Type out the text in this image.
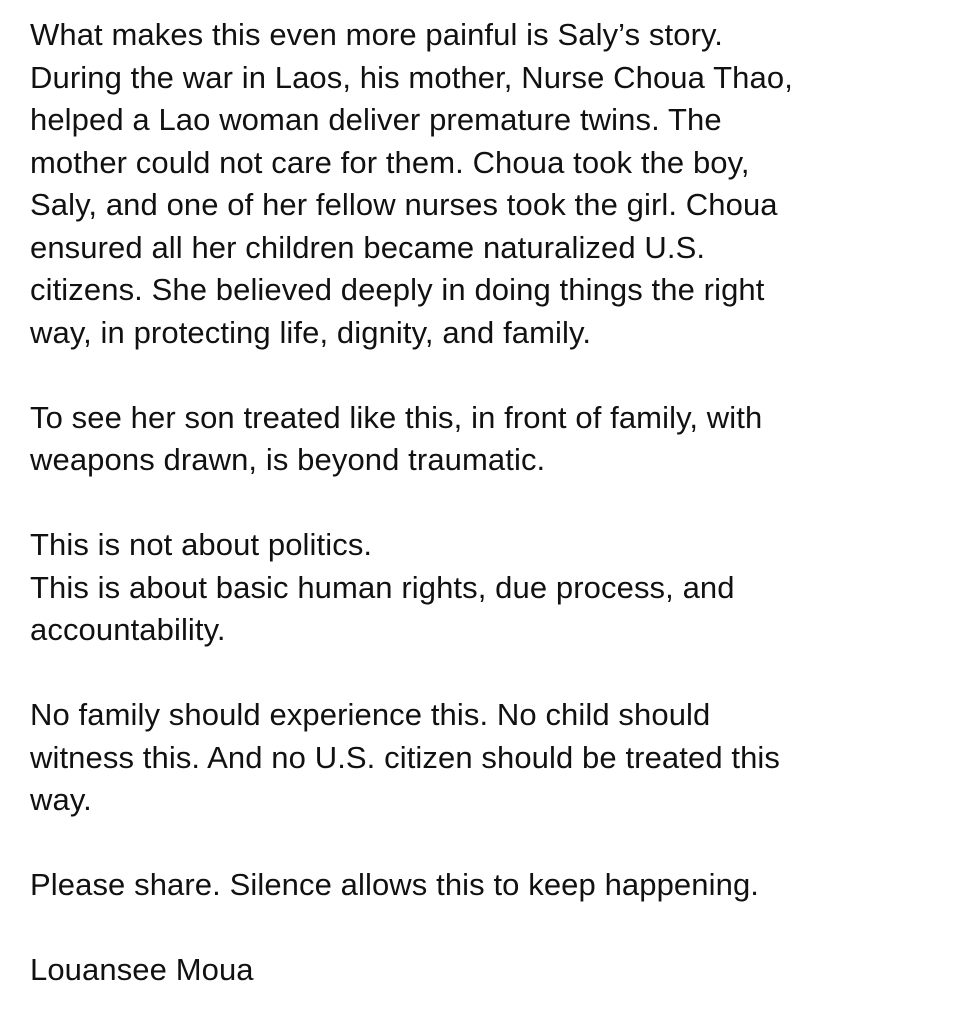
What makes this even more painful is Saly’s story.
During the war in Laos, his mother, Nurse Choua Thao,
helped a Lao woman deliver premature twins. The
mother could not care for them. Choua took the boy,
Saly, and one of her fellow nurses took the girl. Choua
ensured all her children became naturalized U.S.
citizens. She believed deeply in doing things the right
way, in protecting life, dignity, and family.

To see her son treated like this, in front of family, with
weapons drawn, is beyond traumatic.

This is not about politics.
This is about basic human rights, due process, and
accountability.

No family should experience this. No child should
witness this. And no U.S. citizen should be treated this
way.

Please share. Silence allows this to keep happening.

Louansee Moua
